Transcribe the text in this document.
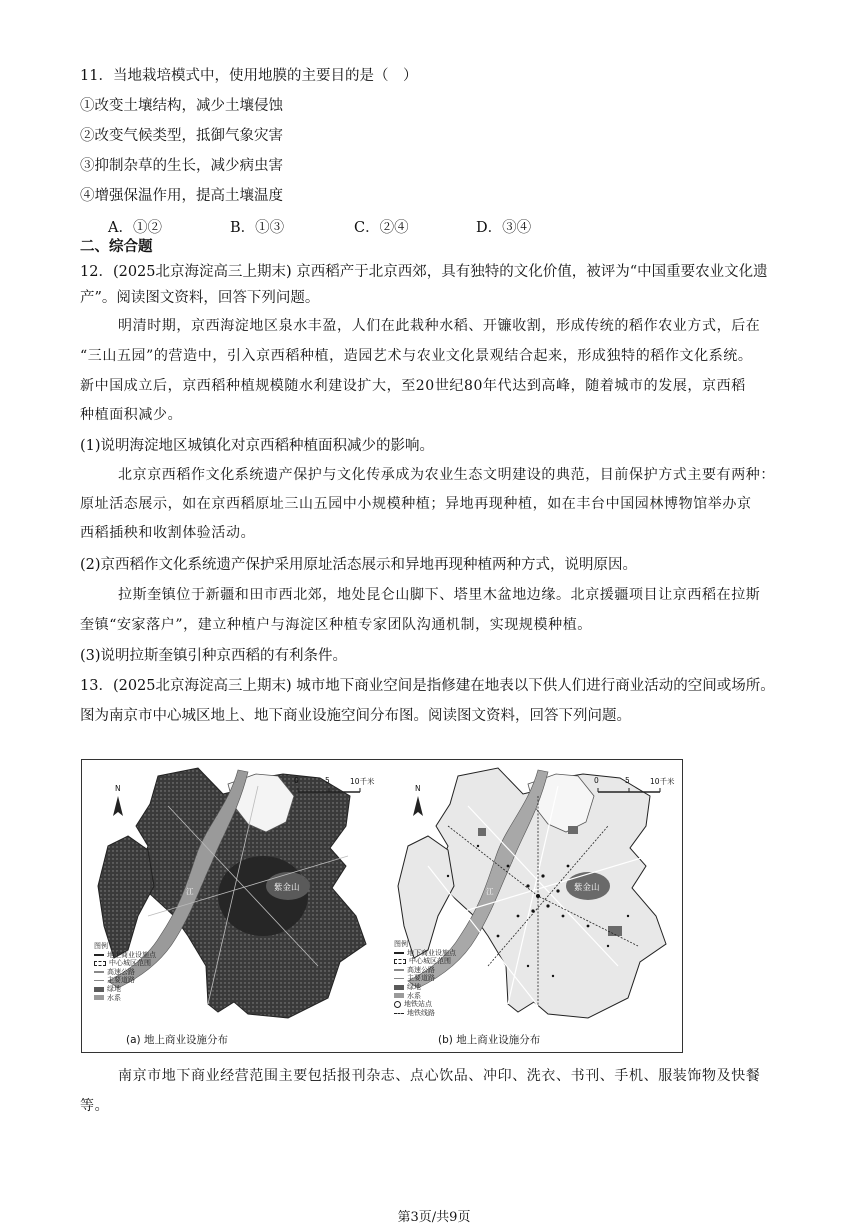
11．当地栽培模式中，使用地膜的主要目的是（　）
①改变土壤结构，减少土壤侵蚀
②改变气候类型，抵御气象灾害
③抑制杂草的生长，减少病虫害
④增强保温作用，提高土壤温度
A．①②	B．①③	C．②④	D．③④
二、综合题
12．(2025北京海淀高三上期末) 京西稻产于北京西郊，具有独特的文化价值，被评为“中国重要农业文化遗
产”。阅读图文资料，回答下列问题。
明清时期，京西海淀地区泉水丰盈，人们在此栽种水稻、开镰收割，形成传统的稻作农业方式，后在
“三山五园”的营造中，引入京西稻种植，造园艺术与农业文化景观结合起来，形成独特的稻作文化系统。
新中国成立后，京西稻种植规模随水利建设扩大，至20世纪80年代达到高峰，随着城市的发展，京西稻
种植面积减少。
(1)说明海淀地区城镇化对京西稻种植面积减少的影响。
北京京西稻作文化系统遗产保护与文化传承成为农业生态文明建设的典范，目前保护方式主要有两种：
原址活态展示，如在京西稻原址三山五园中小规模种植；异地再现种植，如在丰台中国园林博物馆举办京
西稻插秧和收割体验活动。
(2)京西稻作文化系统遗产保护采用原址活态展示和异地再现种植两种方式，说明原因。
拉斯奎镇位于新疆和田市西北郊，地处昆仑山脚下、塔里木盆地边缘。北京援疆项目让京西稻在拉斯
奎镇“安家落户”，建立种植户与海淀区种植专家团队沟通机制，实现规模种植。
(3)说明拉斯奎镇引种京西稻的有利条件。
13．(2025北京海淀高三上期末) 城市地下商业空间是指修建在地表以下供人们进行商业活动的空间或场所。
图为南京市中心城区地上、地下商业设施空间分布图。阅读图文资料，回答下列问题。
0	5	10千米
N
江	紫金山
图例
地上商业设施点
中心城区范围
高速公路
主要道路
绿地
水系
(a) 地上商业设施分布
0	5	10千米
N
江	紫金山
图例
地下商业设施点
中心城区范围
高速公路
主要道路
绿地
水系
地铁站点
地铁线路
(b) 地上商业设施分布
南京市地下商业经营范围主要包括报刊杂志、点心饮品、冲印、洗衣、书刊、手机、服装饰物及快餐
等。
第3页/共9页
